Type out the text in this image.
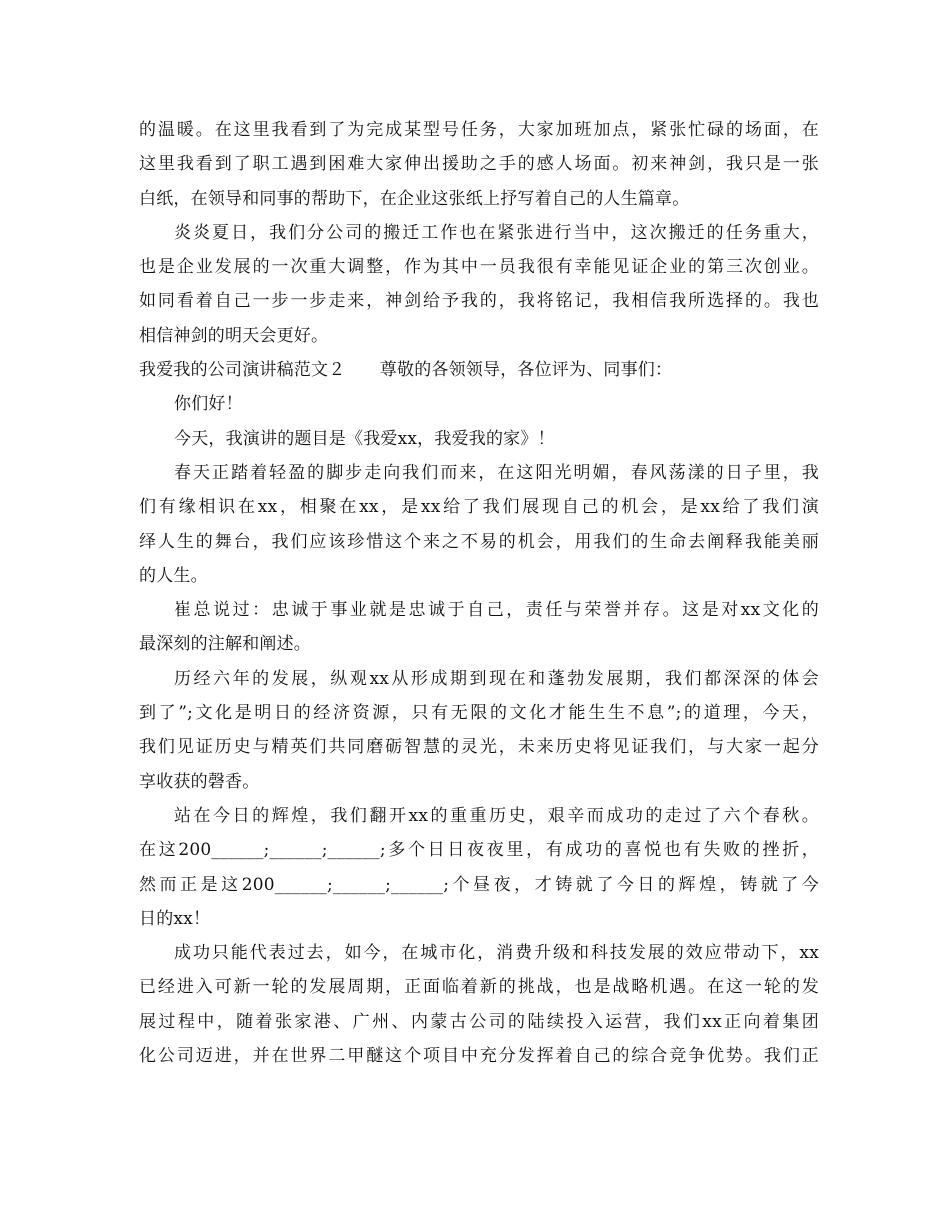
的温暖。在这里我看到了为完成某型号任务，大家加班加点，紧张忙碌的场面，在
这里我看到了职工遇到困难大家伸出援助之手的感人场面。初来神剑，我只是一张
白纸，在领导和同事的帮助下，在企业这张纸上抒写着自己的人生篇章。
炎炎夏日，我们分公司的搬迁工作也在紧张进行当中，这次搬迁的任务重大，
也是企业发展的一次重大调整，作为其中一员我很有幸能见证企业的第三次创业。
如同看着自己一步一步走来，神剑给予我的，我将铭记，我相信我所选择的。我也
相信神剑的明天会更好。
我爱我的公司演讲稿范文２　　尊敬的各领领导，各位评为、同事们：
你们好！
今天，我演讲的题目是《我爱xx，我爱我的家》！
春天正踏着轻盈的脚步走向我们而来，在这阳光明媚，春风荡漾的日子里，我
们有缘相识在xx，相聚在xx，是xx给了我们展现自己的机会，是xx给了我们演
绎人生的舞台，我们应该珍惜这个来之不易的机会，用我们的生命去阐释我能美丽
的人生。
崔总说过：忠诚于事业就是忠诚于自己，责任与荣誉并存。这是对xx文化的
最深刻的注解和阐述。
历经六年的发展，纵观xx从形成期到现在和蓬勃发展期，我们都深深的体会
到了”;文化是明日的经济资源，只有无限的文化才能生生不息”;的道理，今天，
我们见证历史与精英们共同磨砺智慧的灵光，未来历史将见证我们，与大家一起分
享收获的磬香。
站在今日的辉煌，我们翻开xx的重重历史，艰辛而成功的走过了六个春秋。
在这200______;______;______;多个日日夜夜里，有成功的喜悦也有失败的挫折，
然而正是这200______;______;______;个昼夜，才铸就了今日的辉煌，铸就了今
日的xx！
成功只能代表过去，如今，在城市化，消费升级和科技发展的效应带动下，xx
已经进入可新一轮的发展周期，正面临着新的挑战，也是战略机遇。在这一轮的发
展过程中，随着张家港、广州、内蒙古公司的陆续投入运营，我们xx正向着集团
化公司迈进，并在世界二甲醚这个项目中充分发挥着自己的综合竞争优势。我们正
